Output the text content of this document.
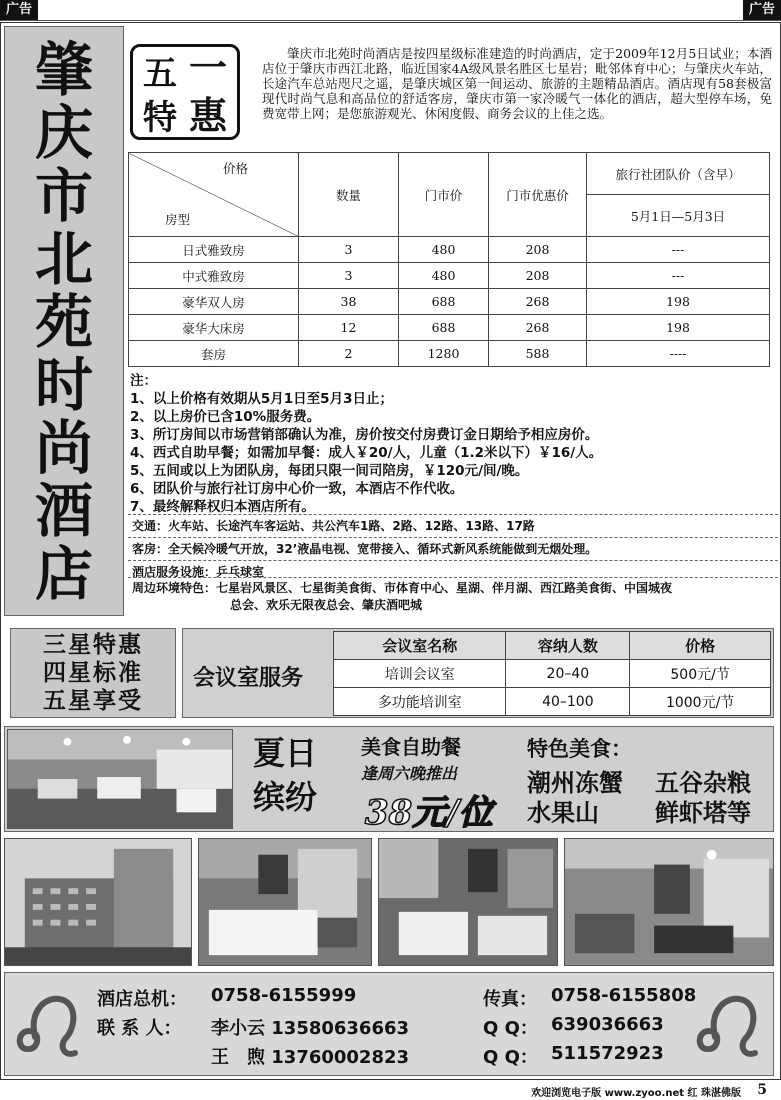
广告	广告
肇
庆
市
北
苑
时
尚
酒
店
五 一
特 惠

肇庆市北苑时尚酒店是按四星级标准建造的时尚酒店，定于2009年12月5日试业；本酒店位于肇庆市西江北路，临近国家4A级风景名胜区七星岩；毗邻体育中心；与肇庆火车站，长途汽车总站咫尺之遥，是肇庆城区第一间运动、旅游的主题精品酒店。酒店现有58套极富现代时尚气息和高品位的舒适客房，肇庆市第一家冷暖气一体化的酒店，超大型停车场，免费宽带上网；是您旅游观光、休闲度假、商务会议的上佳之选。

价格
房型	数量	门市价	门市优惠价	旅行社团队价（含早）
				5月1日—5月3日
日式雅致房	3	480	208	---
中式雅致房	3	480	208	---
豪华双人房	38	688	268	198
豪华大床房	12	688	268	198
套房	2	1280	588	----
注：
1、以上价格有效期从5月1日至5月3日止；
2、以上房价已含10%服务费。
3、所订房间以市场营销部确认为准，房价按交付房费订金日期给予相应房价。
4、西式自助早餐；如需加早餐：成人￥20/人，儿童（1.2米以下）￥16/人。
5、五间或以上为团队房，每团只限一间司陪房，￥120元/间/晚。
6、团队价与旅行社订房中心价一致，本酒店不作代收。
7、最终解释权归本酒店所有。
交通：火车站、长途汽车客运站、共公汽车1路、2路、12路、13路、17路
客房：全天候冷暖气开放，32’液晶电视、宽带接入、循环式新风系统能做到无烟处理。
酒店服务设施：乒乓球室
周边环境特色：七星岩风景区、七星街美食街、市体育中心、星湖、伴月湖、西江路美食街、中国城夜
总会、欢乐无限夜总会、肇庆酒吧城
三星特惠
四星标准
五星享受
会议室服务
会议室名称	容纳人数	价格
培训会议室	20–40	500元/节
多功能培训室	40–100	1000元/节
夏日
缤纷
美食自助餐
逢周六晚推出
38元/位
特色美食：
潮州冻蟹 五谷杂粮
水果山 鲜虾塔等
酒店总机： 0758-6155999	传真： 0758-6155808
联 系 人： 李小云 13580636663
王　煦 13760002823
Q Q： 639036663
Q Q： 511572923
欢迎浏览电子版 www.zyoo.net 红 珠湛佛版 5
